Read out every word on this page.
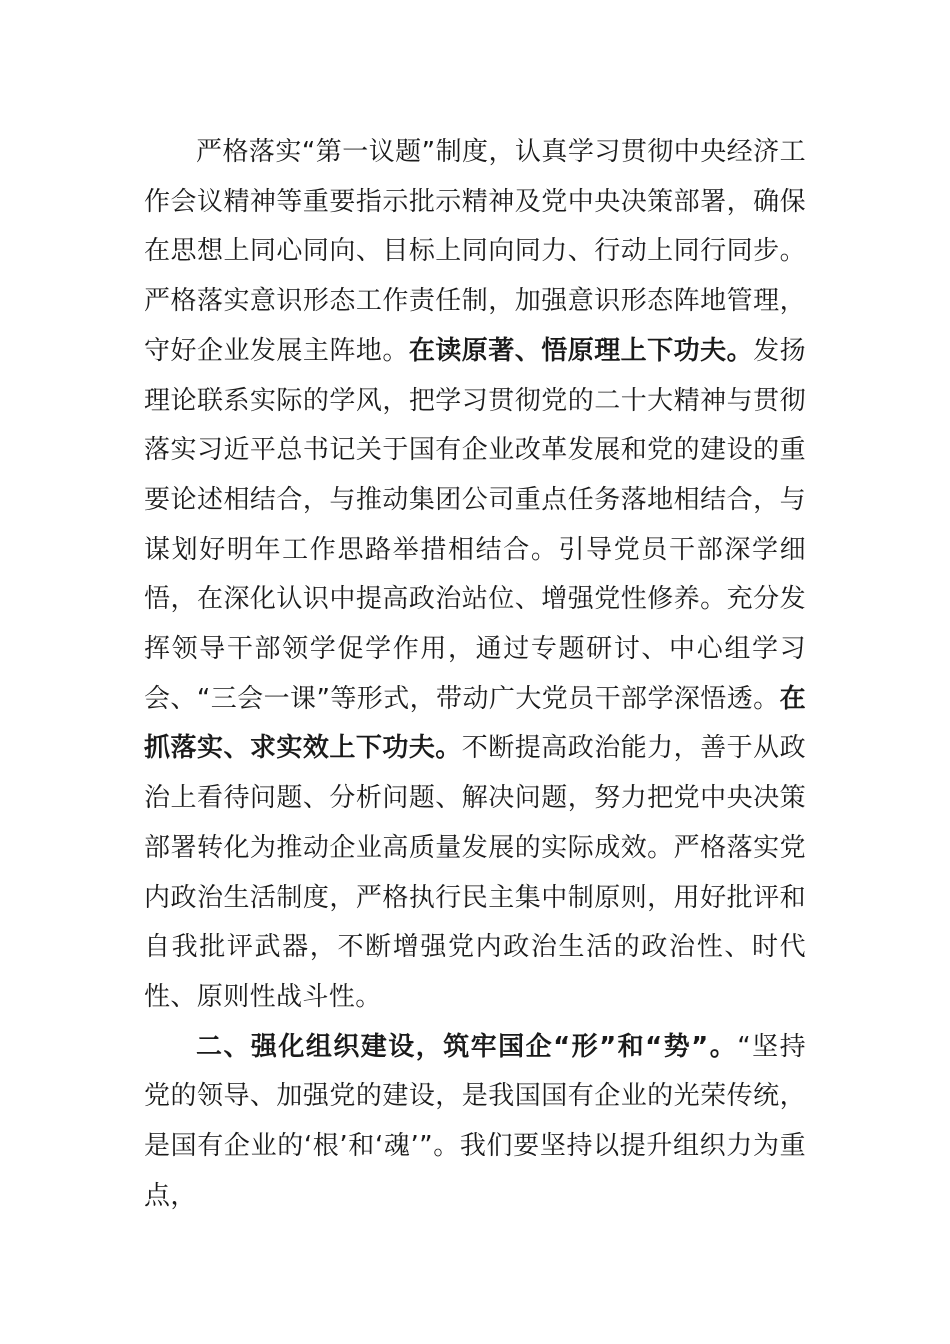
严格落实“第一议题”制度，认真学习贯彻中央经济工作会议精神等重要指示批示精神及党中央决策部署，确保在思想上同心同向、目标上同向同力、行动上同行同步。严格落实意识形态工作责任制，加强意识形态阵地管理，守好企业发展主阵地。在读原著、悟原理上下功夫。发扬理论联系实际的学风，把学习贯彻党的二十大精神与贯彻落实习近平总书记关于国有企业改革发展和党的建设的重要论述相结合，与推动集团公司重点任务落地相结合，与谋划好明年工作思路举措相结合。引导党员干部深学细悟，在深化认识中提高政治站位、增强党性修养。充分发挥领导干部领学促学作用，通过专题研讨、中心组学习会、“三会一课”等形式，带动广大党员干部学深悟透。在抓落实、求实效上下功夫。不断提高政治能力，善于从政治上看待问题、分析问题、解决问题，努力把党中央决策部署转化为推动企业高质量发展的实际成效。严格落实党内政治生活制度，严格执行民主集中制原则，用好批评和自我批评武器，不断增强党内政治生活的政治性、时代性、原则性战斗性。

二、强化组织建设，筑牢国企“形”和“势”。“坚持党的领导、加强党的建设，是我国国有企业的光荣传统，是国有企业的‘根’和‘魂’”。我们要坚持以提升组织力为重点，
